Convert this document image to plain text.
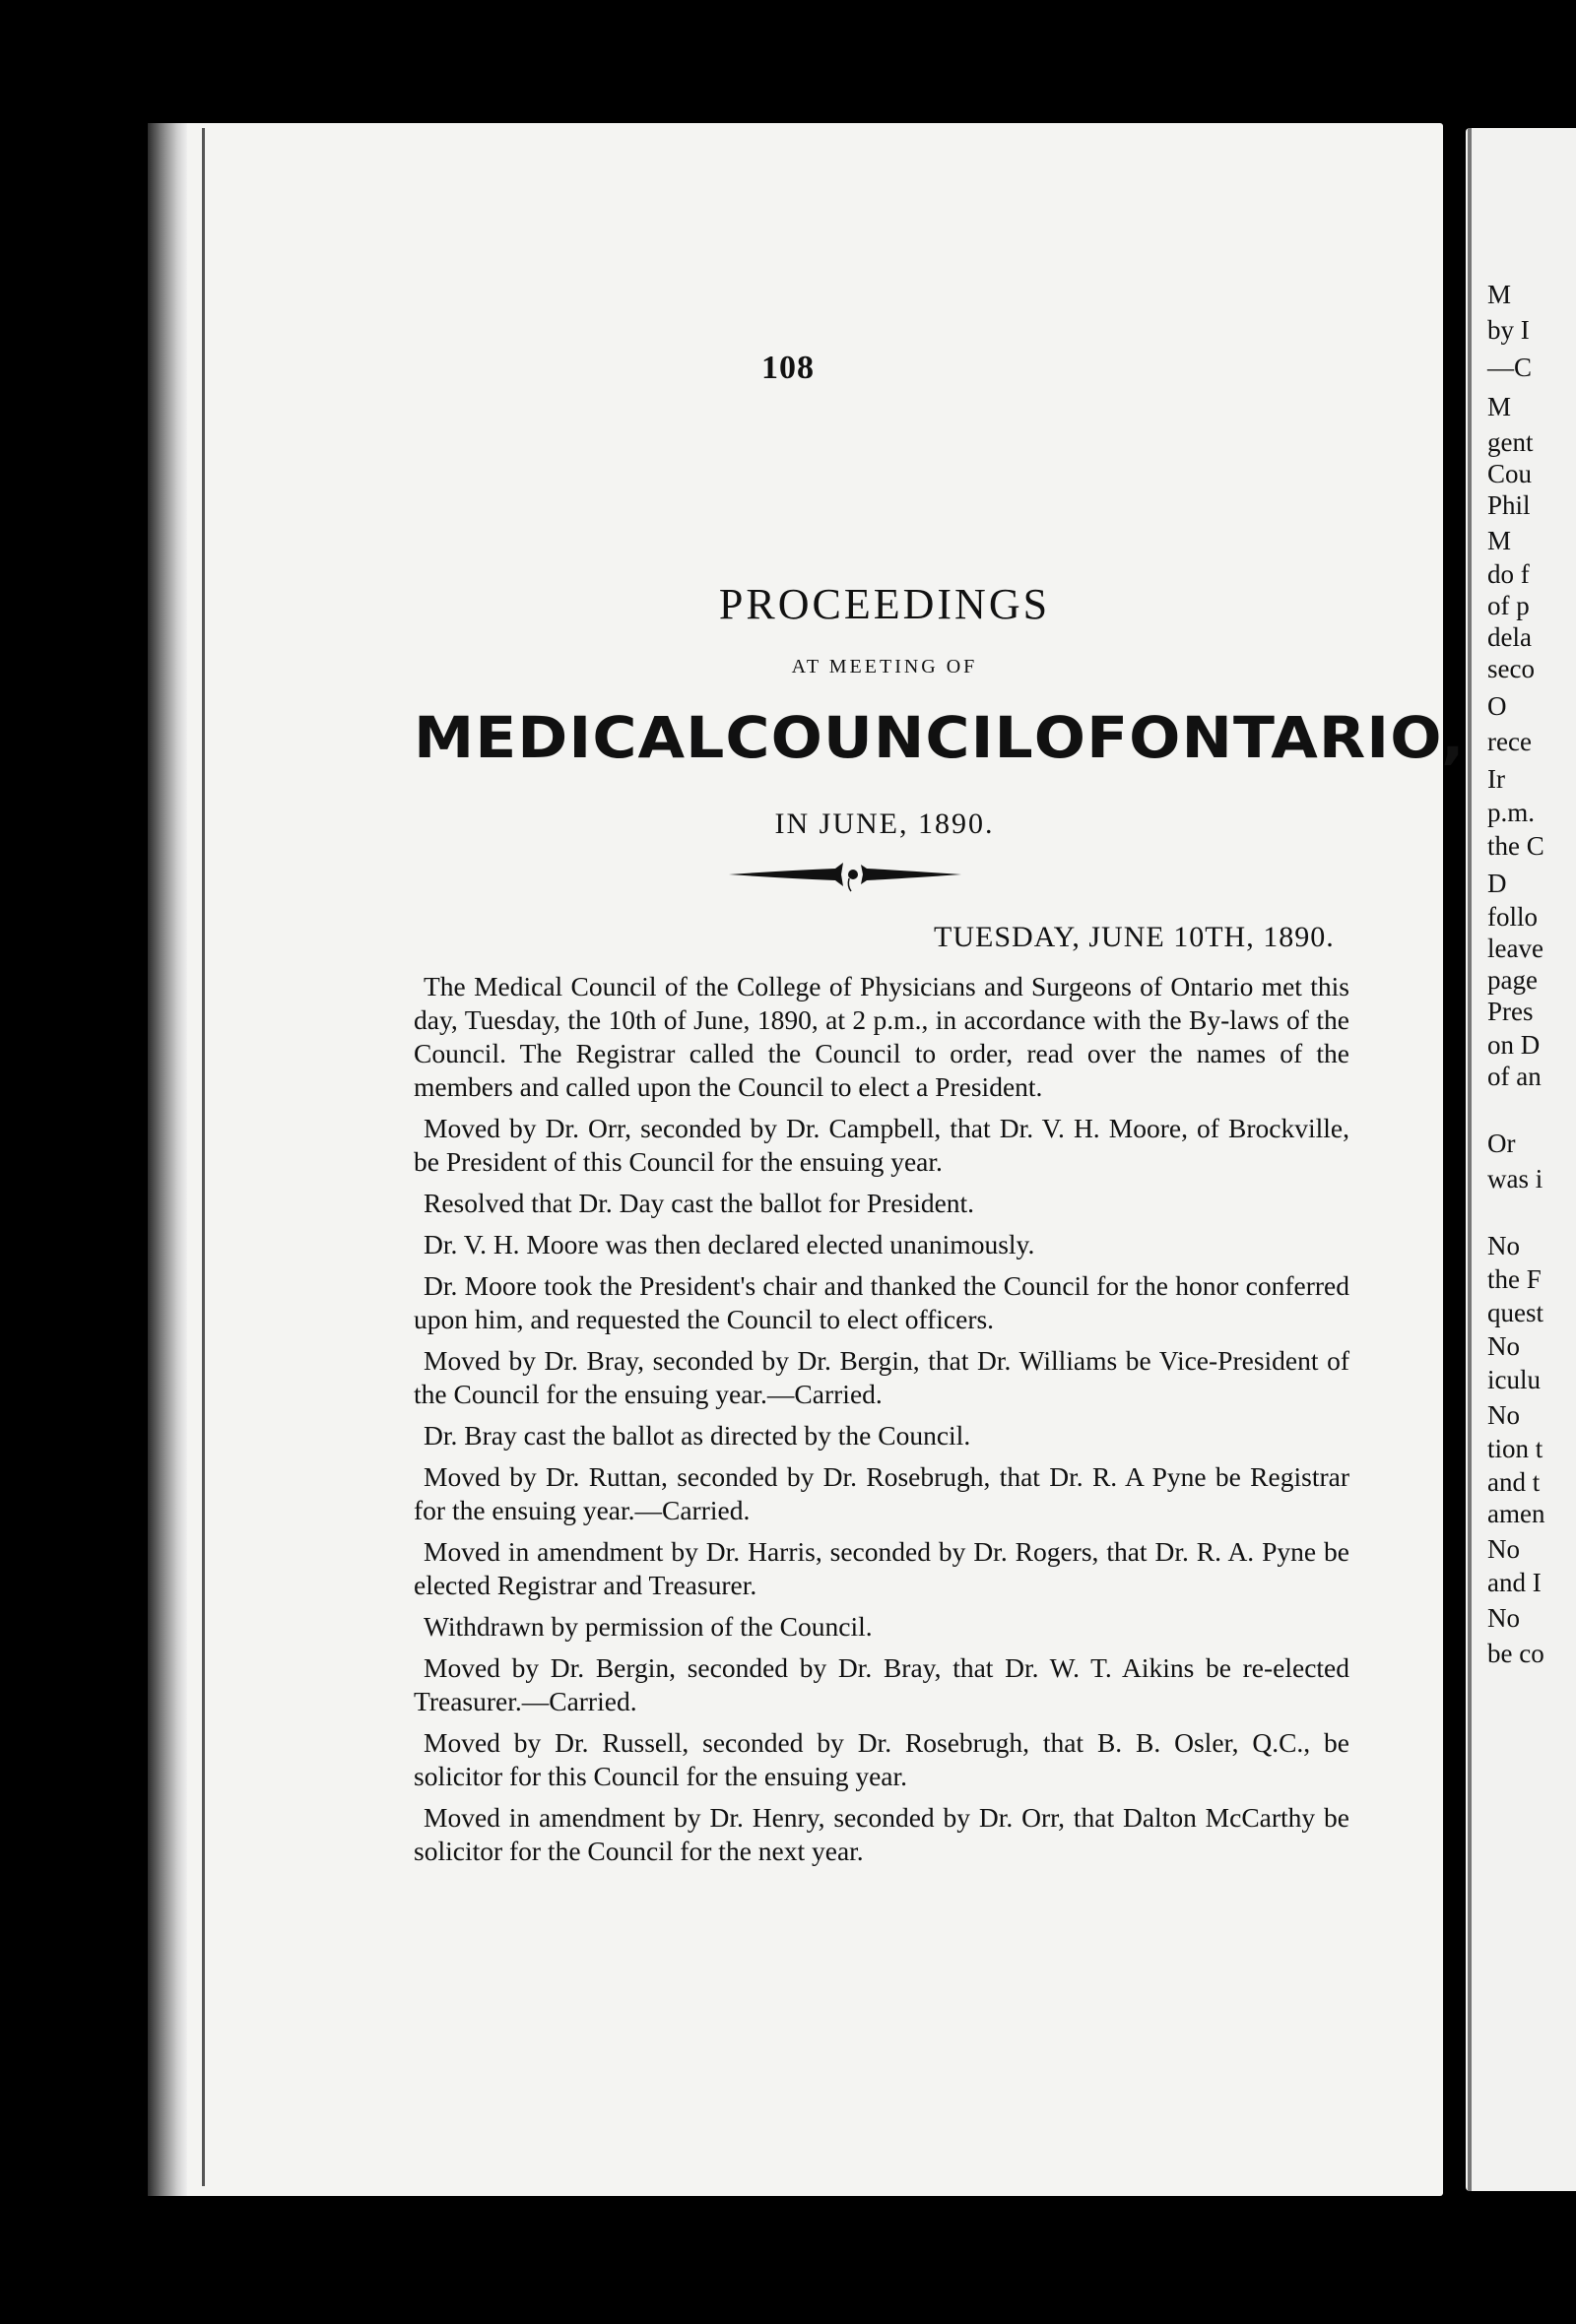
108
PROCEEDINGS
AT MEETING OF
MEDICAL COUNCIL OF ONTARIO,
IN JUNE, 1890.
TUESDAY, JUNE 10TH, 1890.

The Medical Council of the College of Physicians and Surgeons of Ontario met this day, Tuesday, the 10th of June, 1890, at 2 p.m., in accordance with the By-laws of the Council. The Registrar called the Council to order, read over the names of the members and called upon the Council to elect a President.

Moved by Dr. Orr, seconded by Dr. Campbell, that Dr. V. H. Moore, of Brockville, be President of this Council for the ensuing year.

Resolved that Dr. Day cast the ballot for President.

Dr. V. H. Moore was then declared elected unanimously.

Dr. Moore took the President's chair and thanked the Council for the honor conferred upon him, and requested the Council to elect officers.

Moved by Dr. Bray, seconded by Dr. Bergin, that Dr. Williams be Vice-President of the Council for the ensuing year.—Carried.

Dr. Bray cast the ballot as directed by the Council.

Moved by Dr. Ruttan, seconded by Dr. Rosebrugh, that Dr. R. A Pyne be Registrar for the ensuing year.—Carried.

Moved in amendment by Dr. Harris, seconded by Dr. Rogers, that Dr. R. A. Pyne be elected Registrar and Treasurer.

Withdrawn by permission of the Council.

Moved by Dr. Bergin, seconded by Dr. Bray, that Dr. W. T. Aikins be re-elected Treasurer.—Carried.

Moved by Dr. Russell, seconded by Dr. Rosebrugh, that B. B. Osler, Q.C., be solicitor for this Council for the ensuing year.

Moved in amendment by Dr. Henry, seconded by Dr. Orr, that Dalton McCarthy be solicitor for the Council for the next year.

M
by I
—C
M
gent
Cou
Phil
M
do f
of p
dela
seco
O
rece
Ir
p.m.
the C
D
follo
leave
page
Pres
on D
of an
Or
was i
No
the F
quest
No
iculu
No
tion t
and t
amen
No
and I
No
be co
